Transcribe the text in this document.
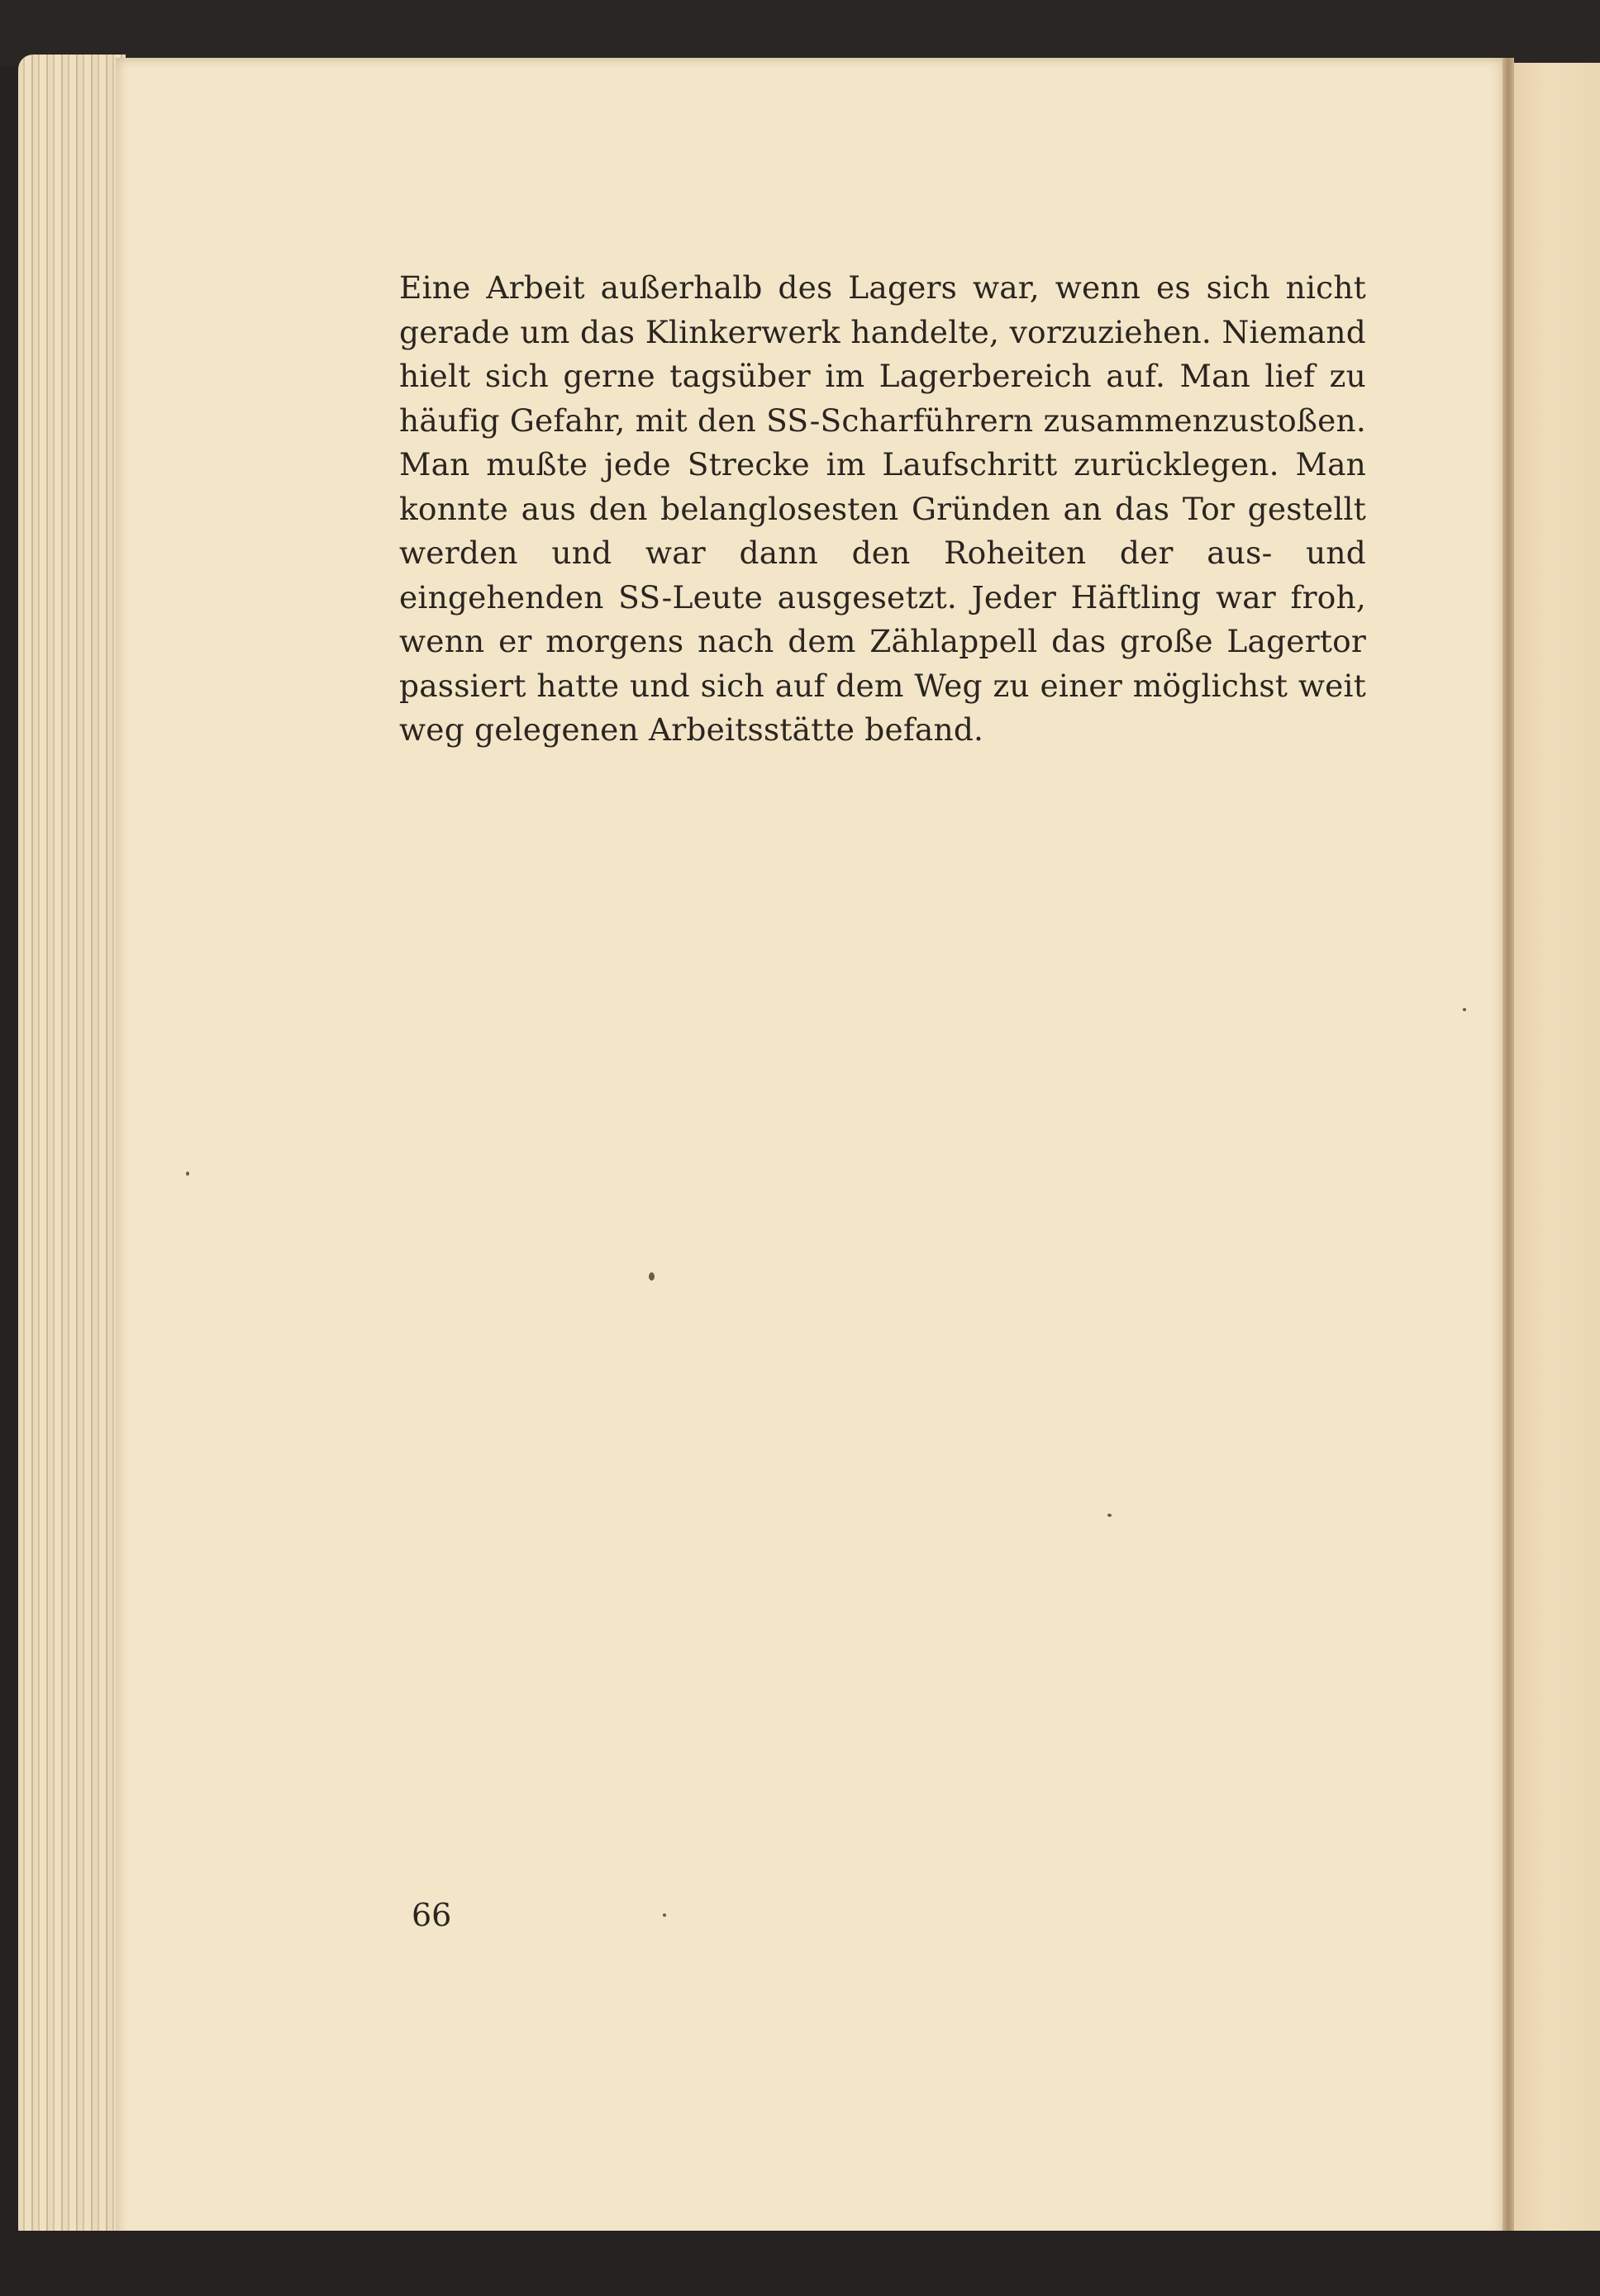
Eine Arbeit außerhalb des Lagers war, wenn es sich nicht gerade um das Klinkerwerk handelte, vorzuziehen. Niemand hielt sich gerne tagsüber im Lagerbereich auf. Man lief zu häufig Gefahr, mit den SS-Scharführern zusammenzustoßen. Man mußte jede Strecke im Laufschritt zurücklegen. Man konnte aus den belanglosesten Gründen an das Tor gestellt werden und war dann den Roheiten der aus- und eingehenden SS-Leute ausgesetzt. Jeder Häftling war froh, wenn er morgens nach dem Zählappell das große Lagertor passiert hatte und sich auf dem Weg zu einer möglichst weit weg gelegenen Arbeitsstätte befand.

66
